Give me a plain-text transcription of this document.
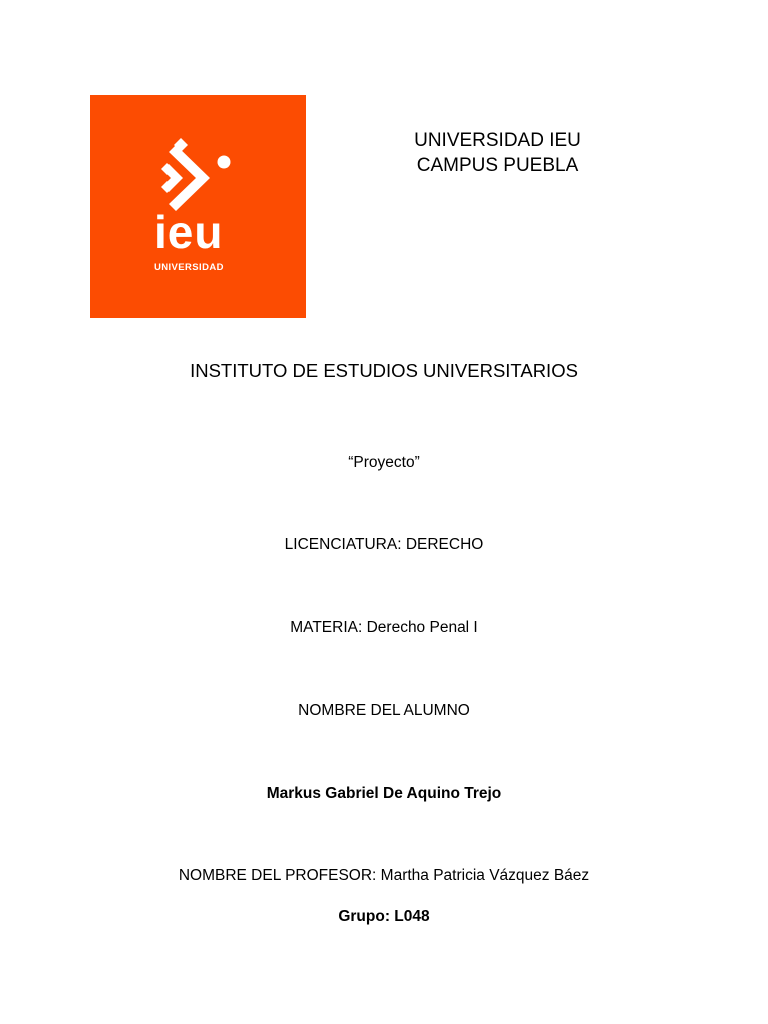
ieu
UNIVERSIDAD
UNIVERSIDAD IEU
CAMPUS PUEBLA
INSTITUTO DE ESTUDIOS UNIVERSITARIOS
“Proyecto”
LICENCIATURA: DERECHO
MATERIA: Derecho Penal I
NOMBRE DEL ALUMNO
Markus Gabriel De Aquino Trejo
NOMBRE DEL PROFESOR: Martha Patricia Vázquez Báez
Grupo: L048
